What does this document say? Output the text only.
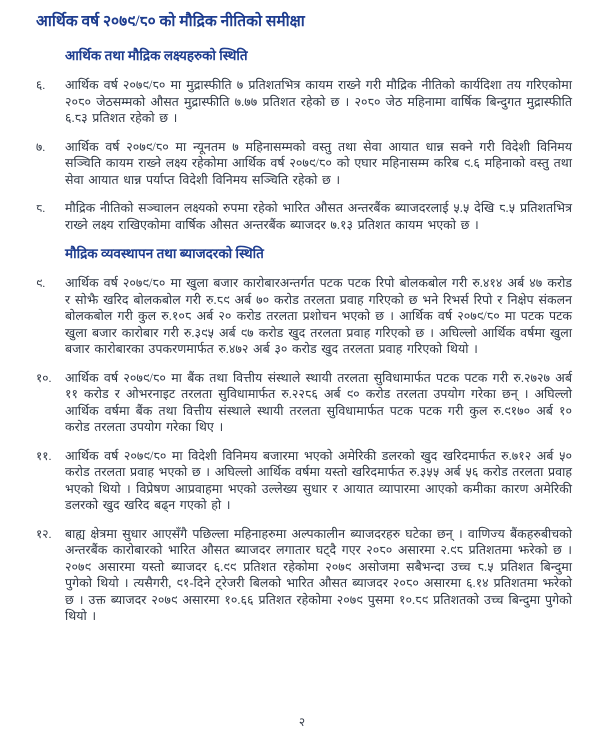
आर्थिक वर्ष २०७९/८० को मौद्रिक नीतिको समीक्षा
आर्थिक तथा मौद्रिक लक्ष्यहरुको स्थिति
६.	आर्थिक वर्ष २०७९/८० मा मुद्रास्फीति ७ प्रतिशतभित्र कायम राख्ने गरी मौद्रिक नीतिको कार्यदिशा तय गरिएकोमा २०८० जेठसम्मको औसत मुद्रास्फीति ७.७७ प्रतिशत रहेको छ । २०८० जेठ महिनामा वार्षिक बिन्दुगत मुद्रास्फीति ६.८३ प्रतिशत रहेको छ ।

७.	आर्थिक वर्ष २०७९/८० मा न्यूनतम ७ महिनासम्मको वस्तु तथा सेवा आयात धान्न सक्ने गरी विदेशी विनिमय सञ्चिति कायम राख्ने लक्ष्य रहेकोमा आर्थिक वर्ष २०७९/८० को एघार महिनासम्म करिब ९.६ महिनाको वस्तु तथा सेवा आयात धान्न पर्याप्त विदेशी विनिमय सञ्चिति रहेको छ ।

८.	मौद्रिक नीतिको सञ्चालन लक्ष्यको रुपमा रहेको भारित औसत अन्तरबैंक ब्याजदरलाई ५.५ देखि ८.५ प्रतिशतभित्र राख्ने लक्ष्य राखिएकोमा वार्षिक औसत अन्तरबैंक ब्याजदर ७.१३ प्रतिशत कायम भएको छ ।

मौद्रिक व्यवस्थापन तथा ब्याजदरको स्थिति
९.	आर्थिक वर्ष २०७९/८० मा खुला बजार कारोबारअन्तर्गत पटक पटक रिपो बोलकबोल गरी रु.४१४ अर्ब ४७ करोड र सोझै खरिद बोलकबोल गरी रु.८९ अर्ब ७० करोड तरलता प्रवाह गरिएको छ भने रिभर्स रिपो र निक्षेप संकलन बोलकबोल गरी कुल रु.१०८ अर्ब २० करोड तरलता प्रशोचन भएको छ । आर्थिक वर्ष २०७९/८० मा पटक पटक खुला बजार कारोबार गरी रु.३९५ अर्ब ९७ करोड खुद तरलता प्रवाह गरिएको छ । अघिल्लो आर्थिक वर्षमा खुला बजार कारोबारका उपकरणमार्फत रु.४७२ अर्ब ३० करोड खुद तरलता प्रवाह गरिएको थियो ।

१०.	आर्थिक वर्ष २०७९/८० मा बैंक तथा वित्तीय संस्थाले स्थायी तरलता सुविधामार्फत पटक पटक गरी रु.२७२७ अर्ब ११ करोड र ओभरनाइट तरलता सुविधामार्फत रु.२२८६ अर्ब ९० करोड तरलता उपयोग गरेका छन् । अघिल्लो आर्थिक वर्षमा बैंक तथा वित्तीय संस्थाले स्थायी तरलता सुविधामार्फत पटक पटक गरी कुल रु.९१७० अर्ब १० करोड तरलता उपयोग गरेका थिए ।

११.	आर्थिक वर्ष २०७९/८० मा विदेशी विनिमय बजारमा भएको अमेरिकी डलरको खुद खरिदमार्फत रु.७१२ अर्ब ५० करोड तरलता प्रवाह भएको छ । अघिल्लो आर्थिक वर्षमा यस्तो खरिदमार्फत रु.३५५ अर्ब ५६ करोड तरलता प्रवाह भएको थियो । विप्रेषण आप्रवाहमा भएको उल्लेख्य सुधार र आयात व्यापारमा आएको कमीका कारण अमेरिकी डलरको खुद खरिद बढ्न गएको हो ।

१२.	बाह्य क्षेत्रमा सुधार आएसँगै पछिल्ला महिनाहरुमा अल्पकालीन ब्याजदरहरु घटेका छन् । वाणिज्य बैंकहरुबीचको अन्तरबैंक कारोबारको भारित औसत ब्याजदर लगातार घट्दै गएर २०८० असारमा २.९८ प्रतिशतमा झरेको छ । २०७९ असारमा यस्तो ब्याजदर ६.९९ प्रतिशत रहेकोमा २०७९ असोजमा सबैभन्दा उच्च ८.५ प्रतिशत बिन्दुमा पुगेको थियो । त्यसैगरी, ९१-दिने ट्रेजरी बिलको भारित औसत ब्याजदर २०८० असारमा ६.१४ प्रतिशतमा झरेको छ । उक्त ब्याजदर २०७९ असारमा १०.६६ प्रतिशत रहेकोमा २०७९ पुसमा १०.८९ प्रतिशतको उच्च बिन्दुमा पुगेको थियो ।

२
